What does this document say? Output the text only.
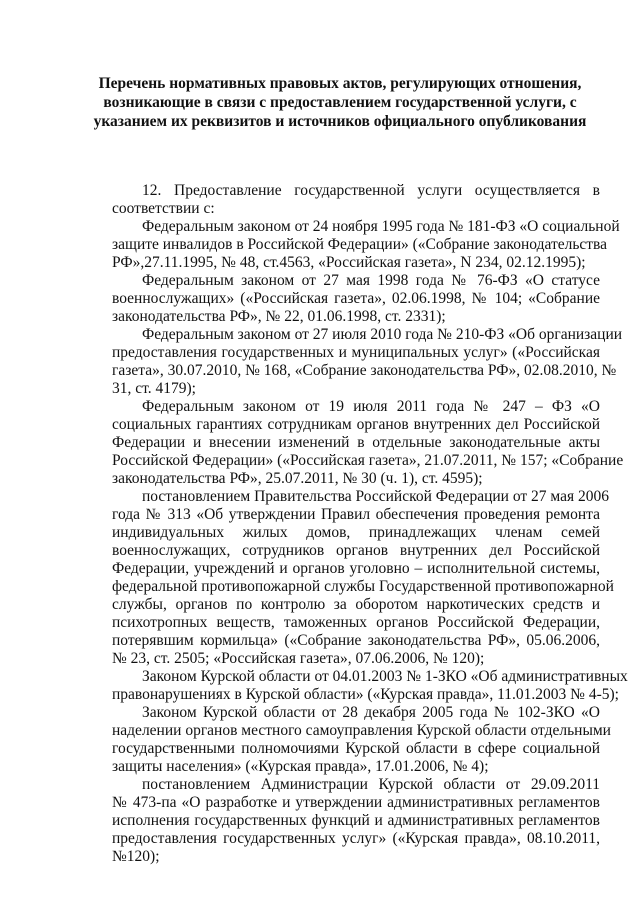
Перечень нормативных правовых актов, регулирующих отношения,
возникающие в связи с предоставлением государственной услуги, с
указанием их реквизитов и источников официального опубликования
12. Предоставление государственной услуги осуществляется в
соответствии с:
Федеральным законом от 24 ноября 1995 года № 181-ФЗ «О социальной
защите инвалидов в Российской Федерации» («Собрание законодательства
РФ»,27.11.1995, № 48, ст.4563, «Российская газета», N 234, 02.12.1995);
Федеральным законом от 27 мая 1998 года № 76-ФЗ «О статусе
военнослужащих» («Российская газета», 02.06.1998, № 104; «Собрание
законодательства РФ», № 22, 01.06.1998, ст. 2331);
Федеральным законом от 27 июля 2010 года № 210-ФЗ «Об организации
предоставления государственных и муниципальных услуг» («Российская
газета», 30.07.2010, № 168, «Собрание законодательства РФ», 02.08.2010, №
31, ст. 4179);
Федеральным законом от 19 июля 2011 года № 247 – ФЗ «О
социальных гарантиях сотрудникам органов внутренних дел Российской
Федерации и внесении изменений в отдельные законодательные акты
Российской Федерации» («Российская газета», 21.07.2011, № 157; «Собрание
законодательства РФ», 25.07.2011, № 30 (ч. 1), ст. 4595);
постановлением Правительства Российской Федерации от 27 мая 2006
года № 313 «Об утверждении Правил обеспечения проведения ремонта
индивидуальных жилых домов, принадлежащих членам семей
военнослужащих, сотрудников органов внутренних дел Российской
Федерации, учреждений и органов уголовно – исполнительной системы,
федеральной противопожарной службы Государственной противопожарной
службы, органов по контролю за оборотом наркотических средств и
психотропных веществ, таможенных органов Российской Федерации,
потерявшим кормильца» («Собрание законодательства РФ», 05.06.2006,
№ 23, ст. 2505; «Российская газета», 07.06.2006, № 120);
Законом Курской области от 04.01.2003 № 1-ЗКО «Об административных
правонарушениях в Курской области» («Курская правда», 11.01.2003 № 4-5);
Законом Курской области от 28 декабря 2005 года № 102-ЗКО «О
наделении органов местного самоуправления Курской области отдельными
государственными полномочиями Курской области в сфере социальной
защиты населения» («Курская правда», 17.01.2006, № 4);
постановлением Администрации Курской области от 29.09.2011
№ 473-па «О разработке и утверждении административных регламентов
исполнения государственных функций и административных регламентов
предоставления государственных услуг» («Курская правда», 08.10.2011,
№120);
